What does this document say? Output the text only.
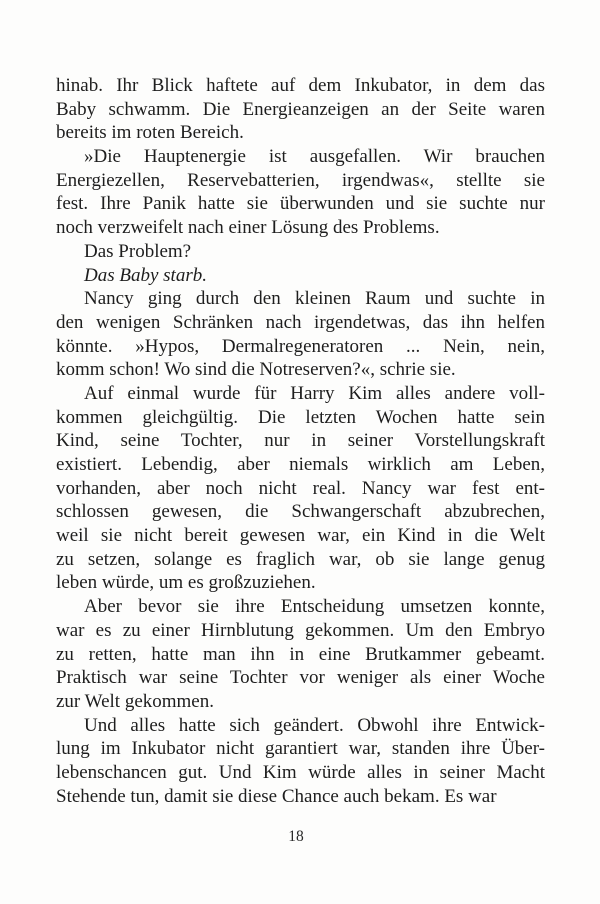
hinab. Ihr Blick haftete auf dem Inkubator, in dem das
Baby schwamm. Die Energieanzeigen an der Seite waren
bereits im roten Bereich.
»Die Hauptenergie ist ausgefallen. Wir brauchen
Energiezellen, Reservebatterien, irgendwas«, stellte sie
fest. Ihre Panik hatte sie überwunden und sie suchte nur
noch verzweifelt nach einer Lösung des Problems.
Das Problem?
Das Baby starb.
Nancy ging durch den kleinen Raum und suchte in
den wenigen Schränken nach irgendetwas, das ihn helfen
könnte. »Hypos, Dermalregeneratoren ... Nein, nein,
komm schon! Wo sind die Notreserven?«, schrie sie.
Auf einmal wurde für Harry Kim alles andere voll-
kommen gleichgültig. Die letzten Wochen hatte sein
Kind, seine Tochter, nur in seiner Vorstellungskraft
existiert. Lebendig, aber niemals wirklich am Leben,
vorhanden, aber noch nicht real. Nancy war fest ent-
schlossen gewesen, die Schwangerschaft abzubrechen,
weil sie nicht bereit gewesen war, ein Kind in die Welt
zu setzen, solange es fraglich war, ob sie lange genug
leben würde, um es großzuziehen.
Aber bevor sie ihre Entscheidung umsetzen konnte,
war es zu einer Hirnblutung gekommen. Um den Embryo
zu retten, hatte man ihn in eine Brutkammer gebeamt.
Praktisch war seine Tochter vor weniger als einer Woche
zur Welt gekommen.
Und alles hatte sich geändert. Obwohl ihre Entwick-
lung im Inkubator nicht garantiert war, standen ihre Über-
lebenschancen gut. Und Kim würde alles in seiner Macht
Stehende tun, damit sie diese Chance auch bekam. Es war
18
